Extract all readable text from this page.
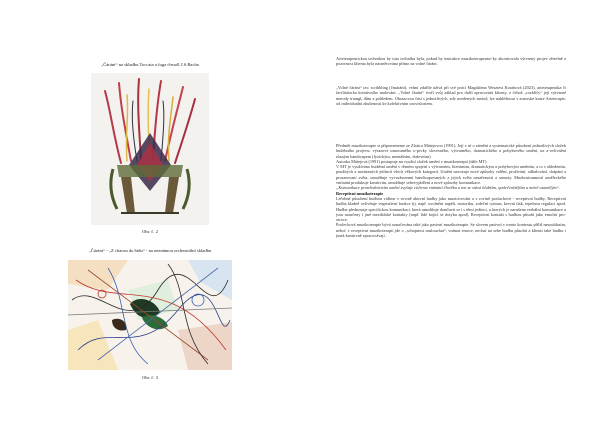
„Čáráni“ na skladbu Toccata a fuga d-moll J.S.Bacha
Obr. č. 2
„Čáráni“ - „Z chaosu do řádu“ - na neznámou orchestrální skladbu
Obr. č. 3

Arteterapeutickou technikou by tuto techniku byla, pokud by instrukce muzikoterapeuta/-ky akcentovala výtvarný projev zřetelně a pozornost klienta byla nasměrována přímo na volné čáráni.

„Volné čáráni“ tzv. scribbling (čmárání), velmi zdařile užívá při své práci Magdalena Wesztest Korabová (2023), arteterapeutka či facilitátorka kreativního malování. „Volné čáráni“ tvoří svůj základ pro další zpracování klienty, z čehož „rozklíčy“ její výtvarné metody triangl, dům a pohledem. Obrazovou část s jednotlivých, zde uvedených metod, lze nahlédnout v autorské knize Arteterapie, od individuální zkušenosti ke kolektivním souvislostem.

Předmět muzikoterapie si připomeneme ze Zlatica Mátejovou (1991). Její v ní o zámění a systematické působení jednotlivých složek hudebního projevu: výrazové umoruměho o-prvky slovesného, výtvarného, dramatického a pohybového umění, na a-ovlivnění různým handicapem (fyzickým, mentálním, duševním).

Autorka Mátejová (1991) postupuje na využití složek umění v muzikoterapii (dále MT).

V MT je využíváno hudební umění v těsném spojení s výtvarném, literárním, dramatickým a pohybovým uměním, a to s ohledením, použitých a navázaných jedinců všech věkových kategorií. Umění navozuje nové způsoby vidění, prožívání, odhalování, chápání a prozarovaní světa, umožňuje vyvozbozenní handicapovaných z jejich světa nezařenosti a samoty. Mnohostranností uměleckého vnímání produkuje kreativitu, umožňuje sebevyjádření a nové způsoby komunikace.

„Komunikace prostřednictvím umění zvyšuje citlivost vnímání člověka a ten se stává hlubším, společenštějším a méně osamělým“.

Receptivní muzikoterapie

Léčebné působení hudbou vidíme v rovině aktivní hudby jako muzicírování a v rovině posluchové - receptivní hudby. Receptivní hudba kladně ovlivňuje vegetativní funkce (tj. např. uvolnění napětí, motoriku, srdeční rytmus, krevní tlak, tepelnou regulaci apod. Hudba přednosuje specifickou komunikaci, která umožňuje domluvit se i s těmi jedinci, u kterých je narušena verbální komunikace a jsou naručeny i jiné mezilidské kontakty (např. lidé bojící se dotyku apod). Receptivní kontakt s hudbou působí jako emoční pro-otroce.

Poslechová muzikoterapie bývá označována také jako pasivní muzikoterapie. Se slovem pasivní v tomto kontextu příliš nesouhlasím, neboť v receptivní muzikoterapii jde o „schopnost naslouchat“, vnímat emoce, nechat na sebe hudbu působit a klienti také hudbu i jinak kreativně zpracovávají.
